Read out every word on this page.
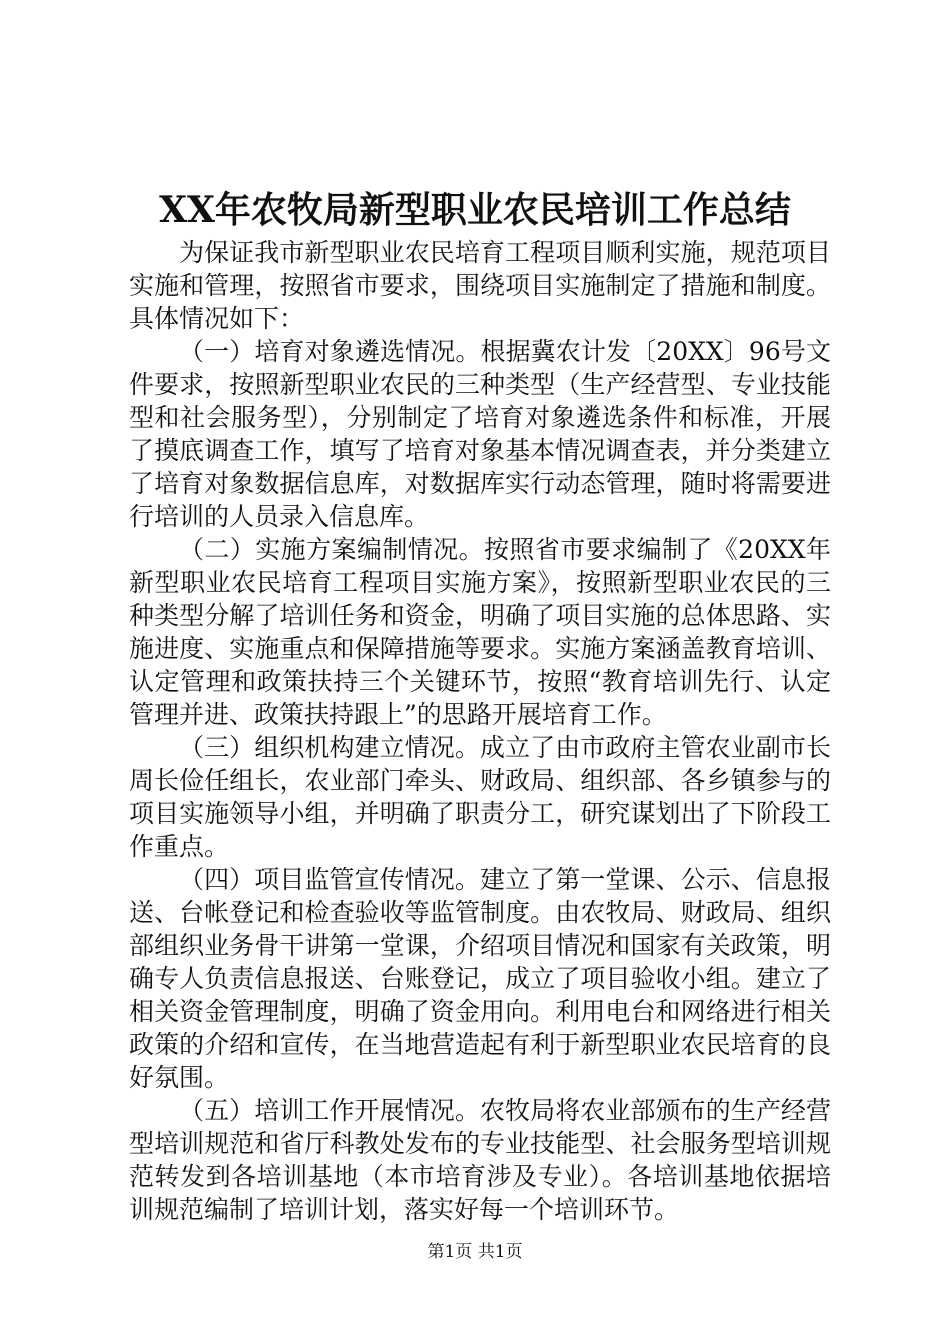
XX年农牧局新型职业农民培训工作总结

为保证我市新型职业农民培育工程项目顺利实施，规范项目实施和管理，按照省市要求，围绕项目实施制定了措施和制度。具体情况如下：

（一）培育对象遴选情况。根据冀农计发〔20XX〕96号文件要求，按照新型职业农民的三种类型（生产经营型、专业技能型和社会服务型），分别制定了培育对象遴选条件和标准，开展了摸底调查工作，填写了培育对象基本情况调查表，并分类建立了培育对象数据信息库，对数据库实行动态管理，随时将需要进行培训的人员录入信息库。

（二）实施方案编制情况。按照省市要求编制了《20XX年新型职业农民培育工程项目实施方案》，按照新型职业农民的三种类型分解了培训任务和资金，明确了项目实施的总体思路、实施进度、实施重点和保障措施等要求。实施方案涵盖教育培训、认定管理和政策扶持三个关键环节，按照“教育培训先行、认定管理并进、政策扶持跟上”的思路开展培育工作。

（三）组织机构建立情况。成立了由市政府主管农业副市长周长俭任组长，农业部门牵头、财政局、组织部、各乡镇参与的项目实施领导小组，并明确了职责分工，研究谋划出了下阶段工作重点。

（四）项目监管宣传情况。建立了第一堂课、公示、信息报送、台帐登记和检查验收等监管制度。由农牧局、财政局、组织部组织业务骨干讲第一堂课，介绍项目情况和国家有关政策，明确专人负责信息报送、台账登记，成立了项目验收小组。建立了相关资金管理制度，明确了资金用向。利用电台和网络进行相关政策的介绍和宣传，在当地营造起有利于新型职业农民培育的良好氛围。

（五）培训工作开展情况。农牧局将农业部颁布的生产经营型培训规范和省厅科教处发布的专业技能型、社会服务型培训规范转发到各培训基地（本市培育涉及专业）。各培训基地依据培训规范编制了培训计划，落实好每一个培训环节。

第1页 共1页
